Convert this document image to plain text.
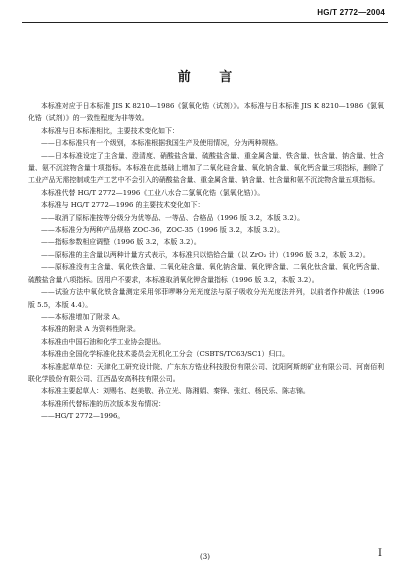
HG/T 2772—2004
前 言

本标准对应于日本标准 JIS K 8210—1986《氯氧化锆（试剂）》。本标准与日本标准 JIS K 8210—1986《氯氧化锆（试剂）》的一致性程度为非等效。

本标准与日本标准相比，主要技术变化如下：

——日本标准只有一个级别，本标准根据我国生产及使用情况，分为两种规格。

——日本标准设定了主含量、澄清度、硝酸盐含量、硫酸盐含量、重金属含量、铁含量、钛含量、钠含量、钍含量、氨不沉淀物含量十项指标。本标准在此基础上增加了二氧化硅含量、氧化钠含量、氧化钙含量三项指标，删除了工业产品无需控制或生产工艺中不会引入的硝酸盐含量、重金属含量、钠含量、钍含量和氨不沉淀物含量五项指标。

本标准代替 HG/T 2772—1996《工业八水合二氯氧化锆（氯氧化锆）》。

本标准与 HG/T 2772—1996 的主要技术变化如下：

——取消了原标准按等分级分为优等品、一等品、合格品（1996 版 3.2，本版 3.2）。

——本标准分为两种产品规格 ZOC-36，ZOC-35（1996 版 3.2，本版 3.2）。

——指标参数相应调整（1996 版 3.2，本版 3.2）。

——原标准的主含量以两种计量方式表示，本标准只以锆铪合量（以 ZrO₂ 计）（1996 版 3.2，本版 3.2）。

——原标准没有主含量、氧化铁含量、二氧化硅含量、氧化钠含量、氧化钾含量、二氧化钛含量、氧化钙含量、硫酸盐含量八项指标。因用户不要求，本标准取消氧化钾含量指标（1996 版 3.2，本版 3.2）。

——试验方法中氧化铁含量测定采用邻菲啰啉分光光度法与原子吸收分光光度法并列，以前者作仲裁法（1996 版 5.5，本版 4.4）。

——本标准增加了附录 A。

本标准的附录 A 为资料性附录。

本标准由中国石油和化学工业协会提出。

本标准由全国化学标准化技术委员会无机化工分会（CSBTS/TC63/SC1）归口。

本标准起草单位：天津化工研究设计院、广东东方锆业科技股份有限公司、沈阳阿斯朗矿业有限公司、河南佰利联化学股份有限公司、江西晶安高科技有限公司。

本标准主要起草人：刘赐名、赵美敬、孙立光、陈湘娟、秦锋、张红、杨民乐、陈志锦。

本标准所代替标准的历次版本发布情况：

——HG/T 2772—1996。

(3)	I
